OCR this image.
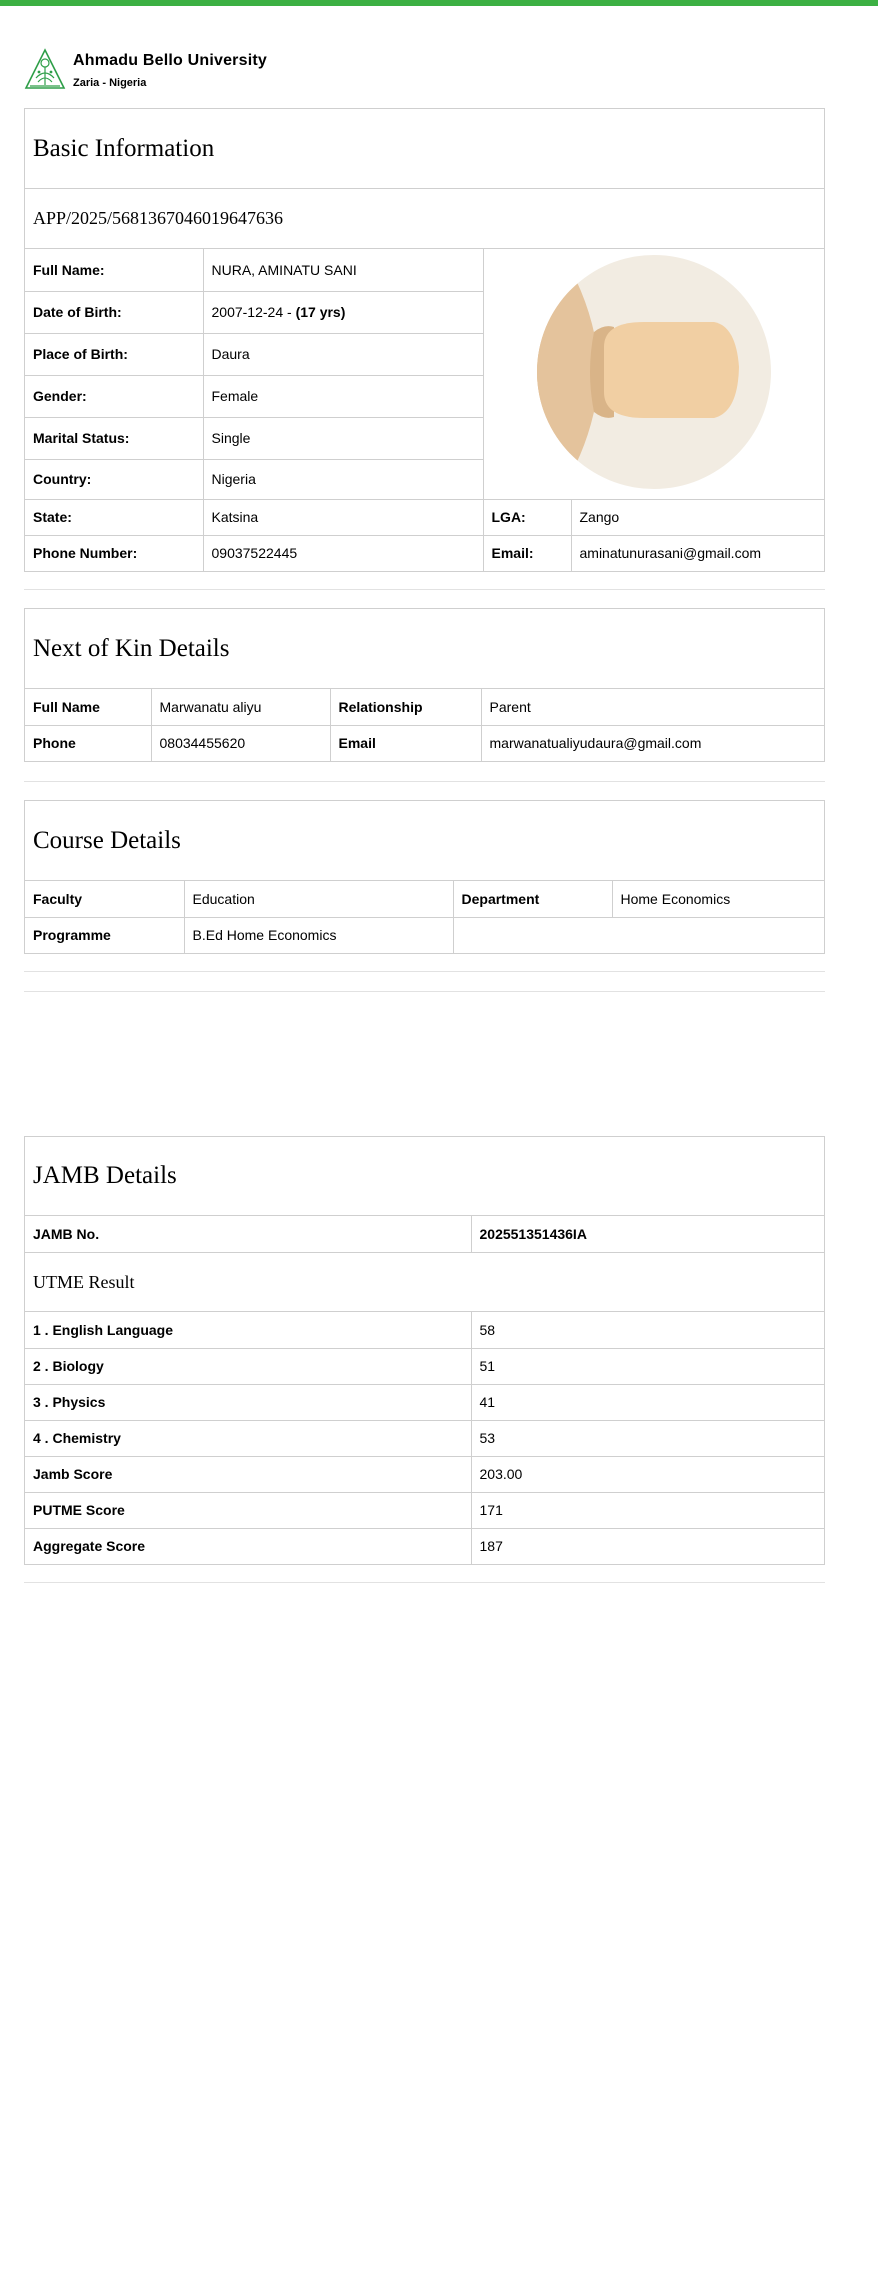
Ahmadu Bello University
Zaria - Nigeria
Basic Information
APP/2025/5681367046019647636
Full Name:	NURA, AMINATU SANI	
Date of Birth:	2007-12-24 - (17 yrs)		
Place of Birth:	Daura		
Gender:	Female		
Marital Status:	Single		
Country:	Nigeria		
State:	Katsina	LGA:	Zango
Phone Number:	09037522445	Email:	aminatunurasani@gmail.com
Next of Kin Details
Full Name	Marwanatu aliyu	Relationship	Parent
Phone	08034455620	Email	marwanatualiyudaura@gmail.com
Course Details
Faculty	Education	Department	Home Economics
Programme	B.Ed Home Economics		
JAMB Details
JAMB No.	202551351436IA
UTME Result
1 . English Language	58
2 . Biology	51
3 . Physics	41
4 . Chemistry	53
Jamb Score	203.00
PUTME Score	171
Aggregate Score	187
